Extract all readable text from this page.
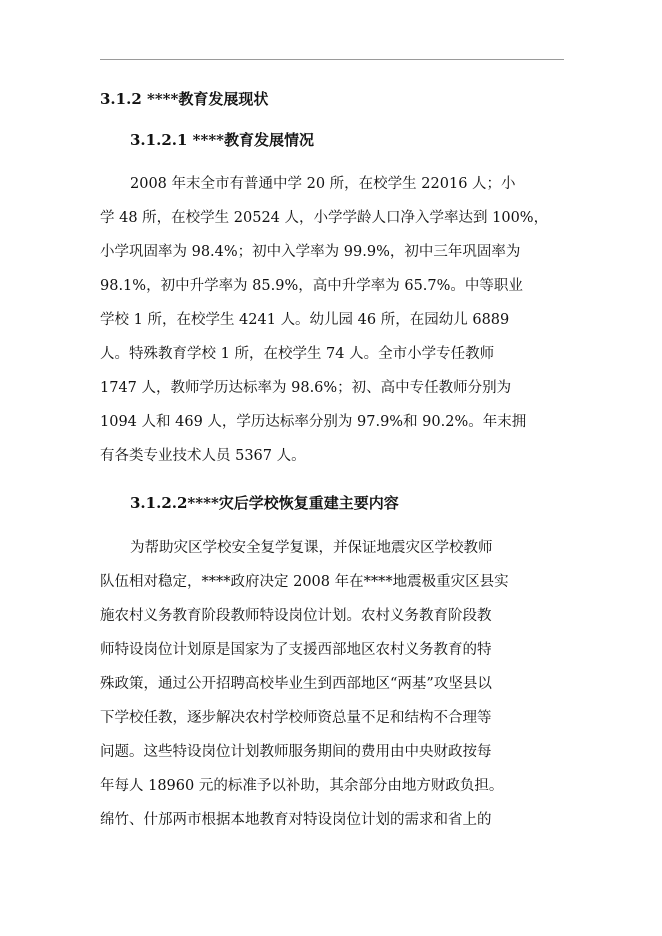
3.1.2 ****教育发展现状
3.1.2.1 ****教育发展情况

2008 年末全市有普通中学 20 所，在校学生 22016 人；小

学 48 所，在校学生 20524 人，小学学龄人口净入学率达到 100%，

小学巩固率为 98.4%；初中入学率为 99.9%，初中三年巩固率为

98.1%，初中升学率为 85.9%，高中升学率为 65.7%。中等职业

学校 1 所，在校学生 4241 人。幼儿园 46 所，在园幼儿 6889

人。特殊教育学校 1 所，在校学生 74 人。全市小学专任教师

1747 人，教师学历达标率为 98.6%；初、高中专任教师分别为

1094 人和 469 人，学历达标率分别为 97.9%和 90.2%。年末拥

有各类专业技术人员 5367 人。

3.1.2.2****灾后学校恢复重建主要内容

为帮助灾区学校安全复学复课，并保证地震灾区学校教师

队伍相对稳定，****政府决定 2008 年在****地震极重灾区县实

施农村义务教育阶段教师特设岗位计划。农村义务教育阶段教

师特设岗位计划原是国家为了支援西部地区农村义务教育的特

殊政策，通过公开招聘高校毕业生到西部地区“两基”攻坚县以

下学校任教，逐步解决农村学校师资总量不足和结构不合理等

问题。这些特设岗位计划教师服务期间的费用由中央财政按每

年每人 18960 元的标准予以补助，其余部分由地方财政负担。

绵竹、什邡两市根据本地教育对特设岗位计划的需求和省上的
